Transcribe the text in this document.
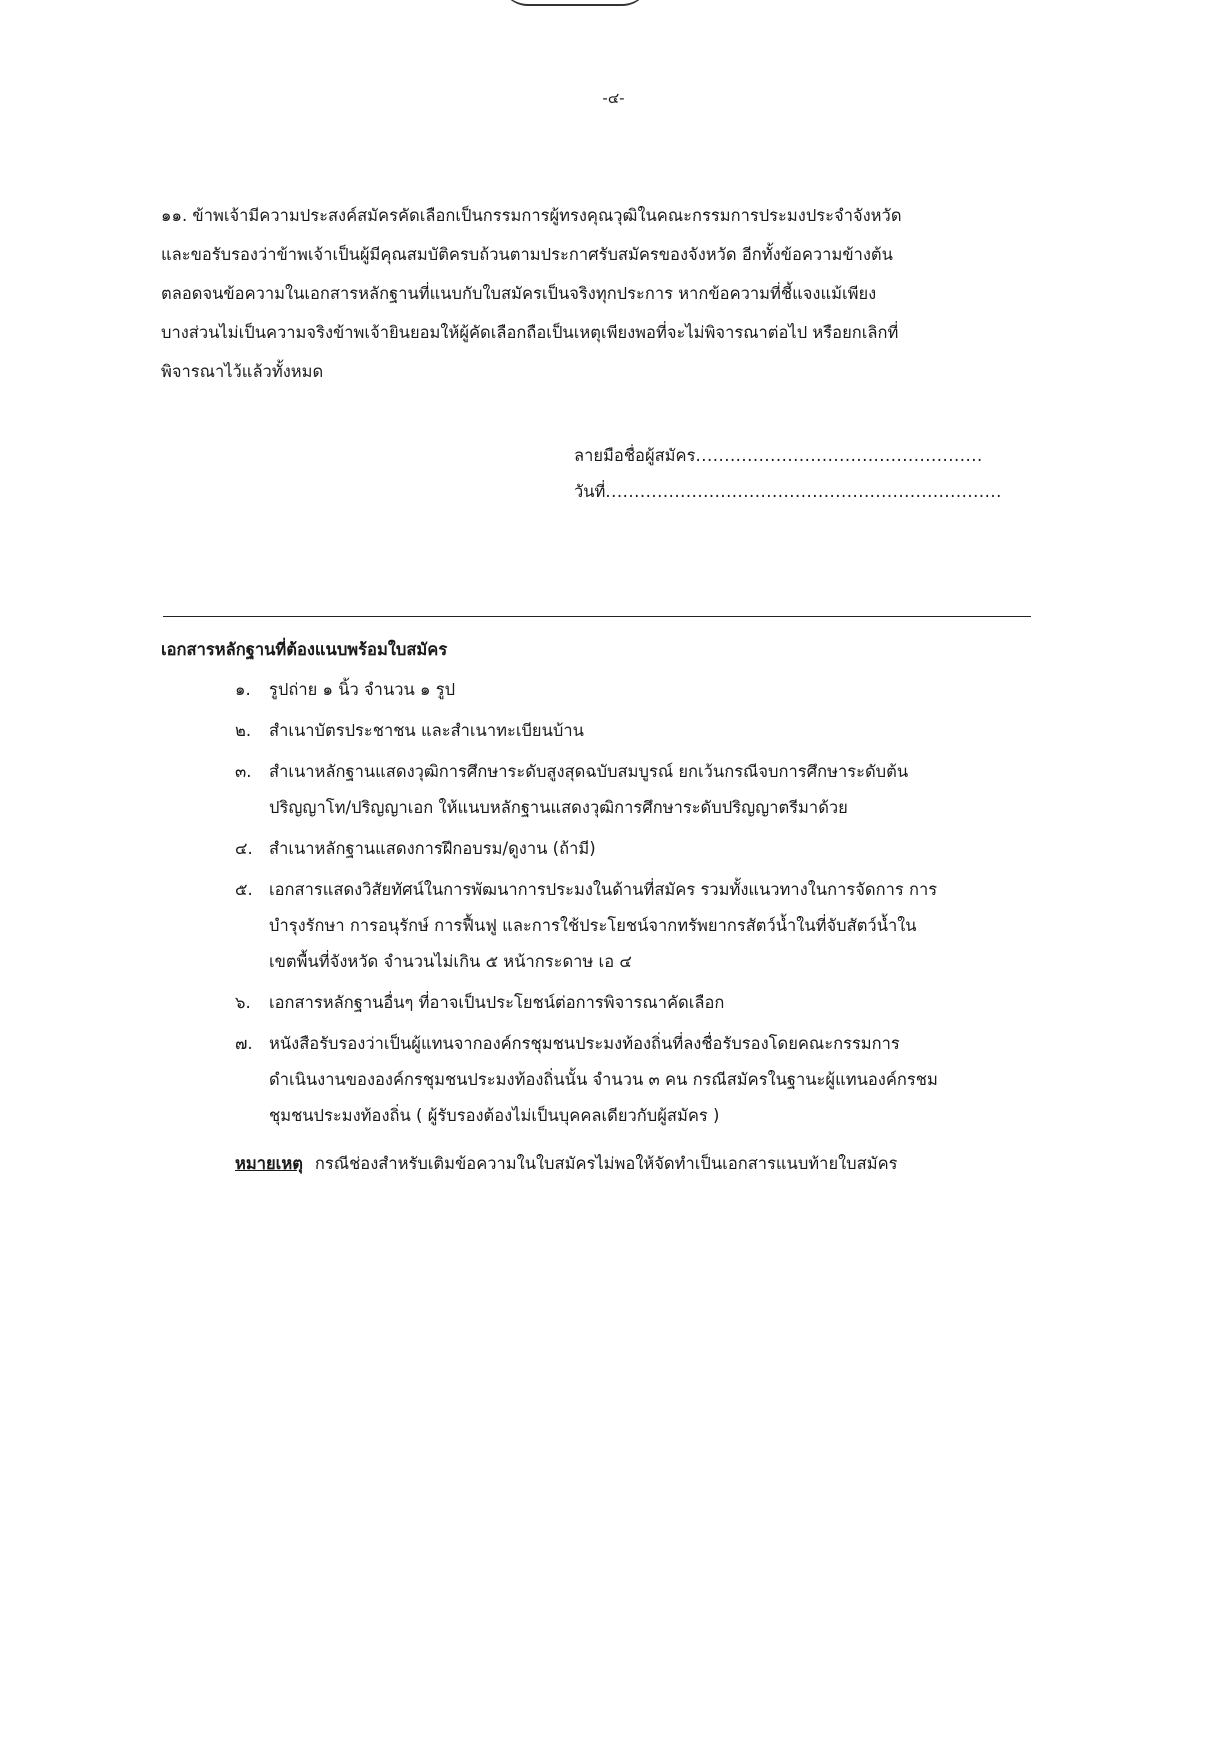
-๔-
๑๑. ข้าพเจ้ามีความประสงค์สมัครคัดเลือกเป็นกรรมการผู้ทรงคุณวุฒิในคณะกรรมการประมงประจำจังหวัด
และขอรับรองว่าข้าพเจ้าเป็นผู้มีคุณสมบัติครบถ้วนตามประกาศรับสมัครของจังหวัด อีกทั้งข้อความข้างต้น
ตลอดจนข้อความในเอกสารหลักฐานที่แนบกับใบสมัครเป็นจริงทุกประการ หากข้อความที่ชี้แจงแม้เพียง
บางส่วนไม่เป็นความจริงข้าพเจ้ายินยอมให้ผู้คัดเลือกถือเป็นเหตุเพียงพอที่จะไม่พิจารณาต่อไป หรือยกเลิกที่
พิจารณาไว้แล้วทั้งหมด
ลายมือชื่อผู้สมัคร..................................................
วันที่.....................................................................
เอกสารหลักฐานที่ต้องแนบพร้อมใบสมัคร
๑. รูปถ่าย ๑ นิ้ว จำนวน ๑ รูป
๒. สำเนาบัตรประชาชน และสำเนาทะเบียนบ้าน
๓. สำเนาหลักฐานแสดงวุฒิการศึกษาระดับสูงสุดฉบับสมบูรณ์ ยกเว้นกรณีจบการศึกษาระดับต้น
ปริญญาโท/ปริญญาเอก ให้แนบหลักฐานแสดงวุฒิการศึกษาระดับปริญญาตรีมาด้วย
๔. สำเนาหลักฐานแสดงการฝึกอบรม/ดูงาน (ถ้ามี)
๕. เอกสารแสดงวิสัยทัศน์ในการพัฒนาการประมงในด้านที่สมัคร รวมทั้งแนวทางในการจัดการ การ
บำรุงรักษา การอนุรักษ์ การฟื้นฟู และการใช้ประโยชน์จากทรัพยากรสัตว์น้ำในที่จับสัตว์น้ำใน
เขตพื้นที่จังหวัด จำนวนไม่เกิน ๕ หน้ากระดาษ เอ ๔
๖. เอกสารหลักฐานอื่นๆ ที่อาจเป็นประโยชน์ต่อการพิจารณาคัดเลือก
๗. หนังสือรับรองว่าเป็นผู้แทนจากองค์กรชุมชนประมงท้องถิ่นที่ลงชื่อรับรองโดยคณะกรรมการ
ดำเนินงานขององค์กรชุมชนประมงท้องถิ่นนั้น จำนวน ๓ คน กรณีสมัครในฐานะผู้แทนองค์กรชม
ชุมชนประมงท้องถิ่น ( ผู้รับรองต้องไม่เป็นบุคคลเดียวกับผู้สมัคร )
หมายเหตุ กรณีช่องสำหรับเติมข้อความในใบสมัครไม่พอให้จัดทำเป็นเอกสารแนบท้ายใบสมัคร
